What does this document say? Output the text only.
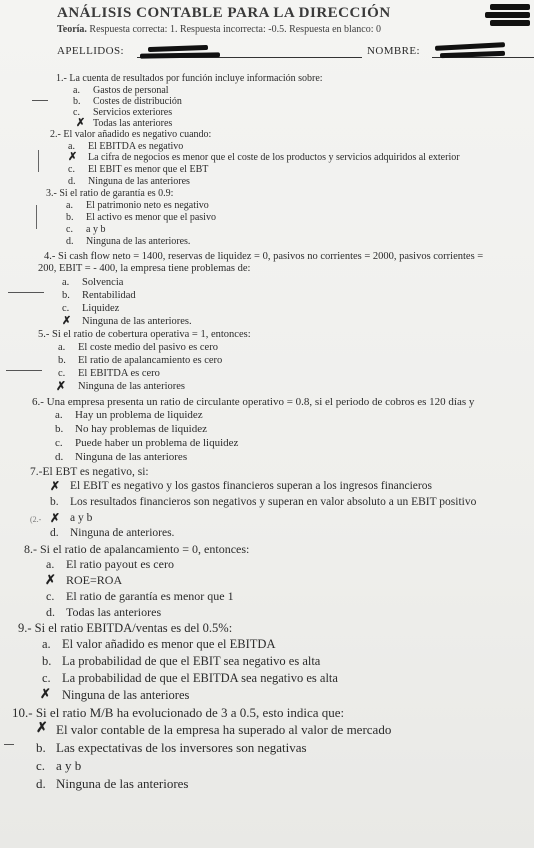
ANÁLISIS CONTABLE PARA LA DIRECCIÓN
Teoría. Respuesta correcta: 1. Respuesta incorrecta: -0.5. Respuesta en blanco: 0
APELLIDOS:	NOMBRE:
1.- La cuenta de resultados por función incluye información sobre:
a. Gastos de personal
b. Costes de distribución
c. Servicios exteriores
Todas las anteriores
✗
2.- El valor añadido es negativo cuando:
a. El EBITDA es negativo
La cifra de negocios es menor que el coste de los productos y servicios adquiridos al exterior
c. El EBIT es menor que el EBT
d. Ninguna de las anteriores
✗
3.- Si el ratio de garantía es 0.9:
a. El patrimonio neto es negativo
b. El activo es menor que el pasivo
c. a y b
d. Ninguna de las anteriores.
4.- Si cash flow neto = 1400, reservas de liquidez = 0, pasivos no corrientes = 2000, pasivos corrientes =
200, EBIT = - 400, la empresa tiene problemas de:
a. Solvencia
b. Rentabilidad
c. Liquidez
Ninguna de las anteriores.
✗
5.- Si el ratio de cobertura operativa = 1, entonces:
a. El coste medio del pasivo es cero
b. El ratio de apalancamiento es cero
c. El EBITDA es cero
Ninguna de las anteriores
✗
6.- Una empresa presenta un ratio de circulante operativo = 0.8, si el periodo de cobros es 120 días y
a. Hay un problema de liquidez
b. No hay problemas de liquidez
c. Puede haber un problema de liquidez
d. Ninguna de las anteriores
7.-El EBT es negativo, si:
El EBIT es negativo y los gastos financieros superan a los ingresos financieros
b. Los resultados financieros son negativos y superan en valor absoluto a un EBIT positivo
a y b
d. Ninguna de anteriores.
✗
✗
(2.-
8.- Si el ratio de apalancamiento = 0, entonces:
a. El ratio payout es cero
ROE=ROA
c. El ratio de garantía es menor que 1
d. Todas las anteriores
✗
9.- Si el ratio EBITDA/ventas es del 0.5%:
a. El valor añadido es menor que el EBITDA
b. La probabilidad de que el EBIT sea negativo es alta
c. La probabilidad de que el EBITDA sea negativo es alta
Ninguna de las anteriores
✗
10.- Si el ratio M/B ha evolucionado de 3 a 0.5, esto indica que:
El valor contable de la empresa ha superado al valor de mercado
b. Las expectativas de los inversores son negativas
c. a y b
d. Ninguna de las anteriores
✗
